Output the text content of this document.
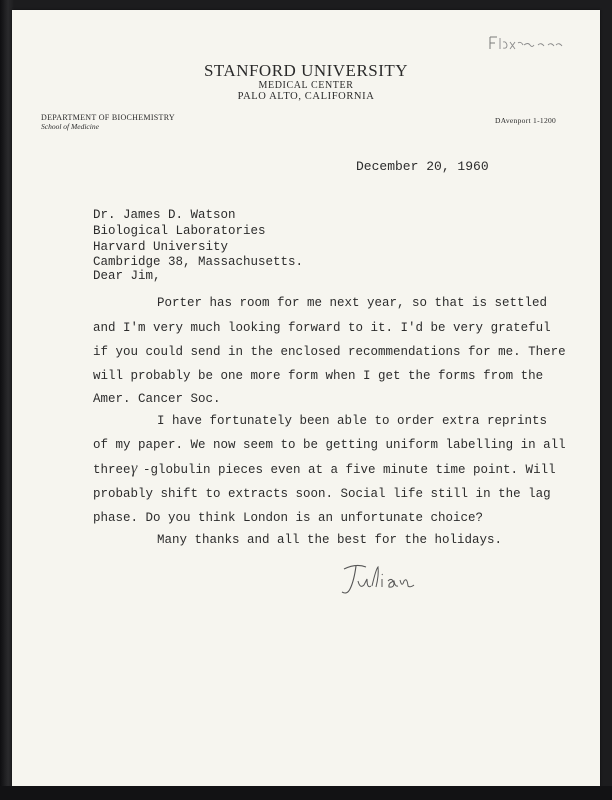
STANFORD UNIVERSITY
MEDICAL CENTER
PALO ALTO, CALIFORNIA
DEPARTMENT OF BIOCHEMISTRY
School of Medicine
DAvenport 1-1200
December 20, 1960
Dr. James D. Watson
Biological Laboratories
Harvard University
Cambridge 38, Massachusetts.
Dear Jim,
Porter has room for me next year, so that is settled
and I'm very much looking forward to it. I'd be very grateful
if you could send in the enclosed recommendations for me. There
will probably be one more form when I get the forms from the
Amer. Cancer Soc.
I have fortunately been able to order extra reprints
of my paper. We now seem to be getting uniform labelling in all
three γ -globulin pieces even at a five minute time point. Will
probably shift to extracts soon. Social life still in the lag
phase. Do you think London is an unfortunate choice?
Many thanks and all the best for the holidays.
